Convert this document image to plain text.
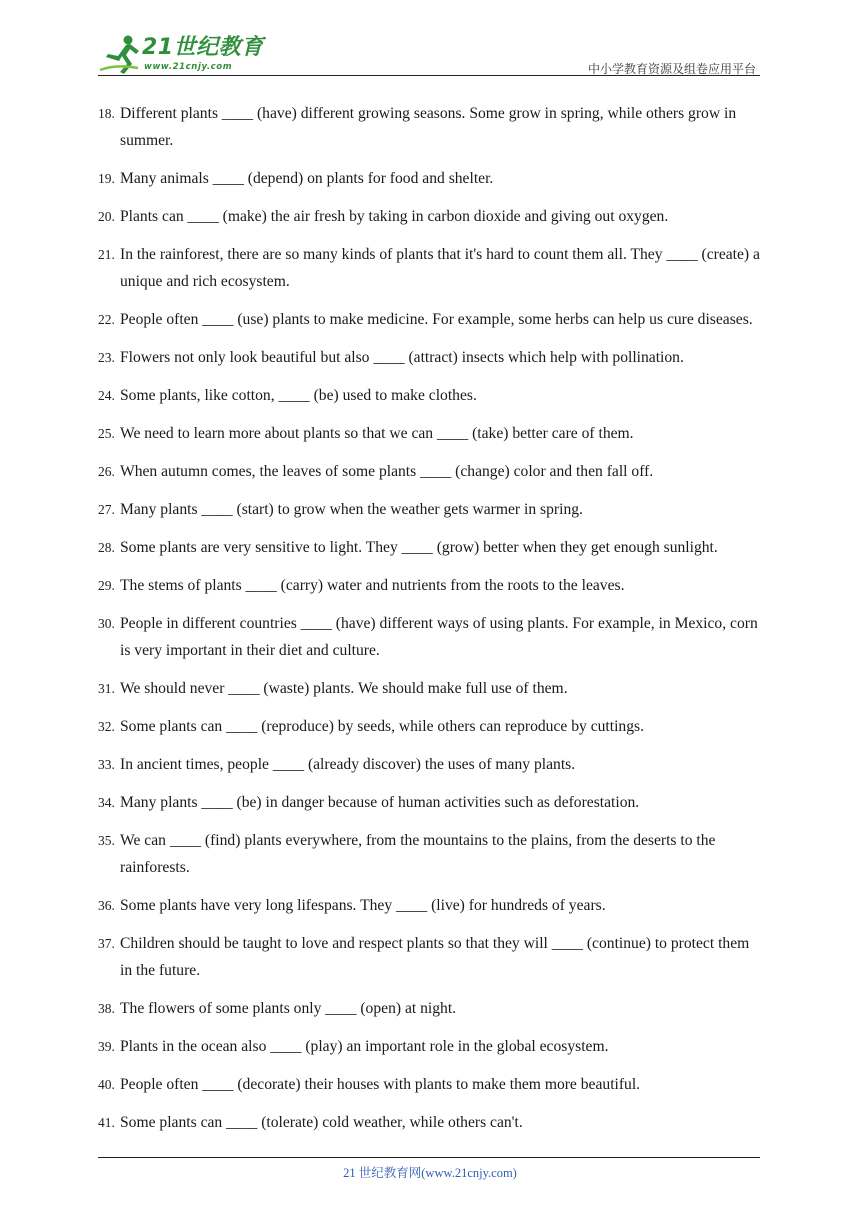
21世纪教育
www.21cnjy.com	中小学教育资源及组卷应用平台
18. Different plants ____ (have) different growing seasons. Some grow in spring, while others grow in summer.
19. Many animals ____ (depend) on plants for food and shelter.
20. Plants can ____ (make) the air fresh by taking in carbon dioxide and giving out oxygen.
21. In the rainforest, there are so many kinds of plants that it's hard to count them all. They ____ (create) a unique and rich ecosystem.
22. People often ____ (use) plants to make medicine. For example, some herbs can help us cure diseases.
23. Flowers not only look beautiful but also ____ (attract) insects which help with pollination.
24. Some plants, like cotton, ____ (be) used to make clothes.
25. We need to learn more about plants so that we can ____ (take) better care of them.
26. When autumn comes, the leaves of some plants ____ (change) color and then fall off.
27. Many plants ____ (start) to grow when the weather gets warmer in spring.
28. Some plants are very sensitive to light. They ____ (grow) better when they get enough sunlight.
29. The stems of plants ____ (carry) water and nutrients from the roots to the leaves.
30. People in different countries ____ (have) different ways of using plants. For example, in Mexico, corn is very important in their diet and culture.
31. We should never ____ (waste) plants. We should make full use of them.
32. Some plants can ____ (reproduce) by seeds, while others can reproduce by cuttings.
33. In ancient times, people ____ (already discover) the uses of many plants.
34. Many plants ____ (be) in danger because of human activities such as deforestation.
35. We can ____ (find) plants everywhere, from the mountains to the plains, from the deserts to the rainforests.
36. Some plants have very long lifespans. They ____ (live) for hundreds of years.
37. Children should be taught to love and respect plants so that they will ____ (continue) to protect them in the future.
38. The flowers of some plants only ____ (open) at night.
39. Plants in the ocean also ____ (play) an important role in the global ecosystem.
40. People often ____ (decorate) their houses with plants to make them more beautiful.
41. Some plants can ____ (tolerate) cold weather, while others can't.
21 世纪教育网(www.21cnjy.com)
